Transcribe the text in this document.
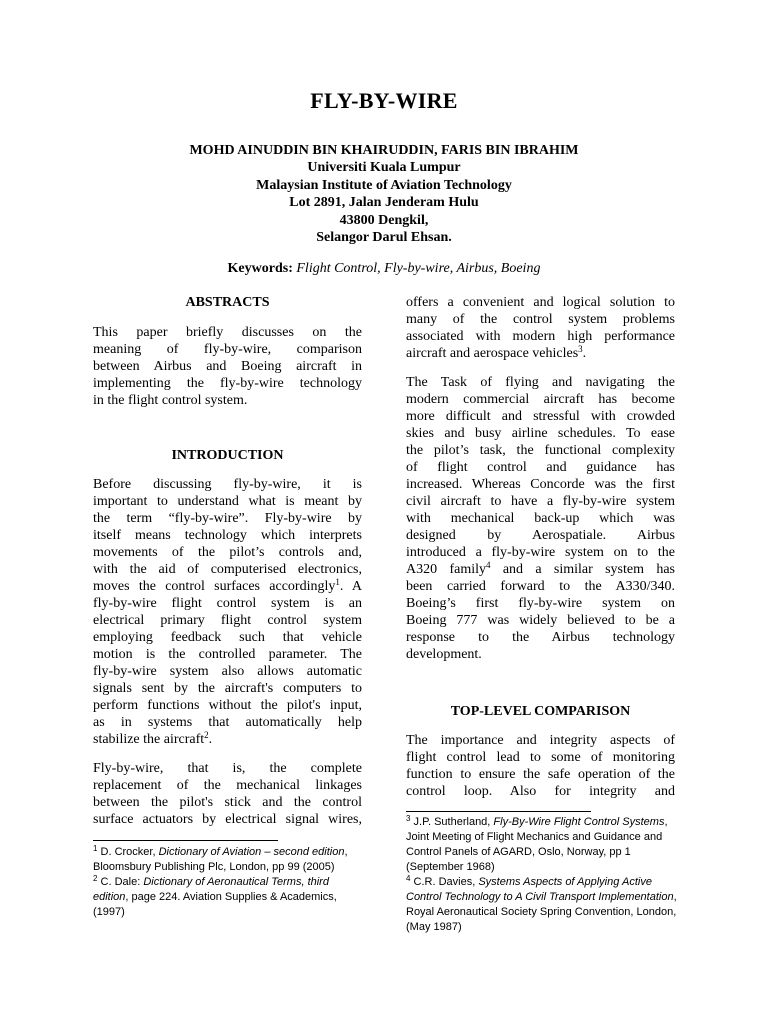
FLY-BY-WIRE
MOHD AINUDDIN BIN KHAIRUDDIN, FARIS BIN IBRAHIM
Universiti Kuala Lumpur
Malaysian Institute of Aviation Technology
Lot 2891, Jalan Jenderam Hulu
43800 Dengkil,
Selangor Darul Ehsan.
Keywords: Flight Control, Fly-by-wire, Airbus, Boeing
ABSTRACTS
This paper briefly discusses on the
meaning of fly-by-wire, comparison
between Airbus and Boeing aircraft in
implementing the fly-by-wire technology
in the flight control system.
INTRODUCTION
Before discussing fly-by-wire, it is
important to understand what is meant by
the term “fly-by-wire”. Fly-by-wire by
itself means technology which interprets
movements of the pilot’s controls and,
with the aid of computerised electronics,
moves the control surfaces accordingly$^1$. A
fly-by-wire flight control system is an
electrical primary flight control system
employing feedback such that vehicle
motion is the controlled parameter. The
fly-by-wire system also allows automatic
signals sent by the aircraft's computers to
perform functions without the pilot's input,
as in systems that automatically help
stabilize the aircraft$^2$.
Fly-by-wire, that is, the complete
replacement of the mechanical linkages
between the pilot's stick and the control
surface actuators by electrical signal wires,
offers a convenient and logical solution to
many of the control system problems
associated with modern high performance
aircraft and aerospace vehicles$^3$.
The Task of flying and navigating the
modern commercial aircraft has become
more difficult and stressful with crowded
skies and busy airline schedules. To ease
the pilot’s task, the functional complexity
of flight control and guidance has
increased. Whereas Concorde was the first
civil aircraft to have a fly-by-wire system
with mechanical back-up which was
designed by Aerospatiale. Airbus
introduced a fly-by-wire system on to the
A320 family$^4$ and a similar system has
been carried forward to the A330/340.
Boeing’s first fly-by-wire system on
Boeing 777 was widely believed to be a
response to the Airbus technology
development.
TOP-LEVEL COMPARISON
The importance and integrity aspects of
flight control lead to some of monitoring
function to ensure the safe operation of the
control loop. Also for integrity and
$^1$ D. Crocker, Dictionary of Aviation – second edition, Bloomsbury Publishing Plc, London, pp 99 (2005)
$^2$ C. Dale: Dictionary of Aeronautical Terms, third edition, page 224. Aviation Supplies & Academics, (1997)
$^3$ J.P. Sutherland, Fly-By-Wire Flight Control Systems, Joint Meeting of Flight Mechanics and Guidance and Control Panels of AGARD, Oslo, Norway, pp 1 (September 1968)
$^4$ C.R. Davies, Systems Aspects of Applying Active Control Technology to A Civil Transport Implementation, Royal Aeronautical Society Spring Convention, London, (May 1987)
